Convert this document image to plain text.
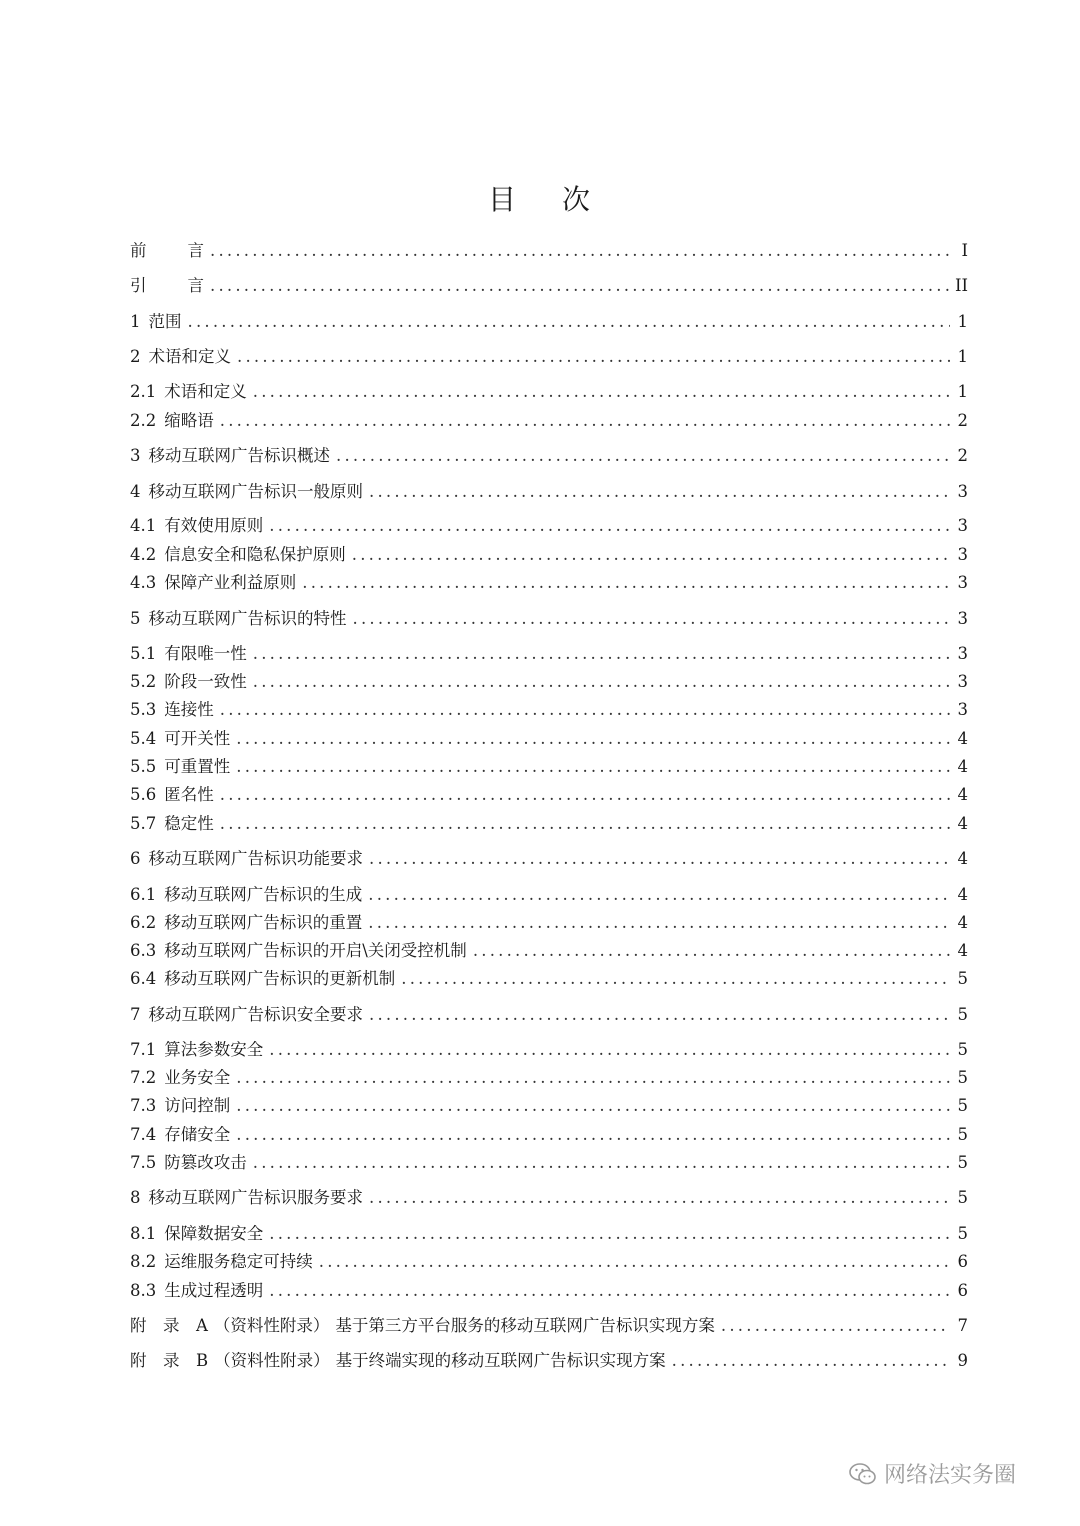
目 次
前 言 .....	I
引 言 .....	II
1 范围 .....	1
2 术语和定义 .....	1
2.1 术语和定义 .....	1
2.2 缩略语 .....	2
3 移动互联网广告标识概述 .....	2
4 移动互联网广告标识一般原则 .....	3
4.1 有效使用原则 .....	3
4.2 信息安全和隐私保护原则 .....	3
4.3 保障产业利益原则 .....	3
5 移动互联网广告标识的特性 .....	3
5.1 有限唯一性 .....	3
5.2 阶段一致性 .....	3
5.3 连接性 .....	3
5.4 可开关性 .....	4
5.5 可重置性 .....	4
5.6 匿名性 .....	4
5.7 稳定性 .....	4
6 移动互联网广告标识功能要求 .....	4
6.1 移动互联网广告标识的生成 .....	4
6.2 移动互联网广告标识的重置 .....	4
6.3 移动互联网广告标识的开启\关闭受控机制 .....	4
6.4 移动互联网广告标识的更新机制 .....	5
7 移动互联网广告标识安全要求 .....	5
7.1 算法参数安全 .....	5
7.2 业务安全 .....	5
7.3 访问控制 .....	5
7.4 存储安全 .....	5
7.5 防篡改攻击 .....	5
8 移动互联网广告标识服务要求 .....	5
8.1 保障数据安全 .....	5
8.2 运维服务稳定可持续 .....	6
8.3 生成过程透明 .....	6
附　录　A （资料性附录） 基于第三方平台服务的移动互联网广告标识实现方案 .....	7
附　录　B （资料性附录） 基于终端实现的移动互联网广告标识实现方案 .....	9
网络法实务圈
